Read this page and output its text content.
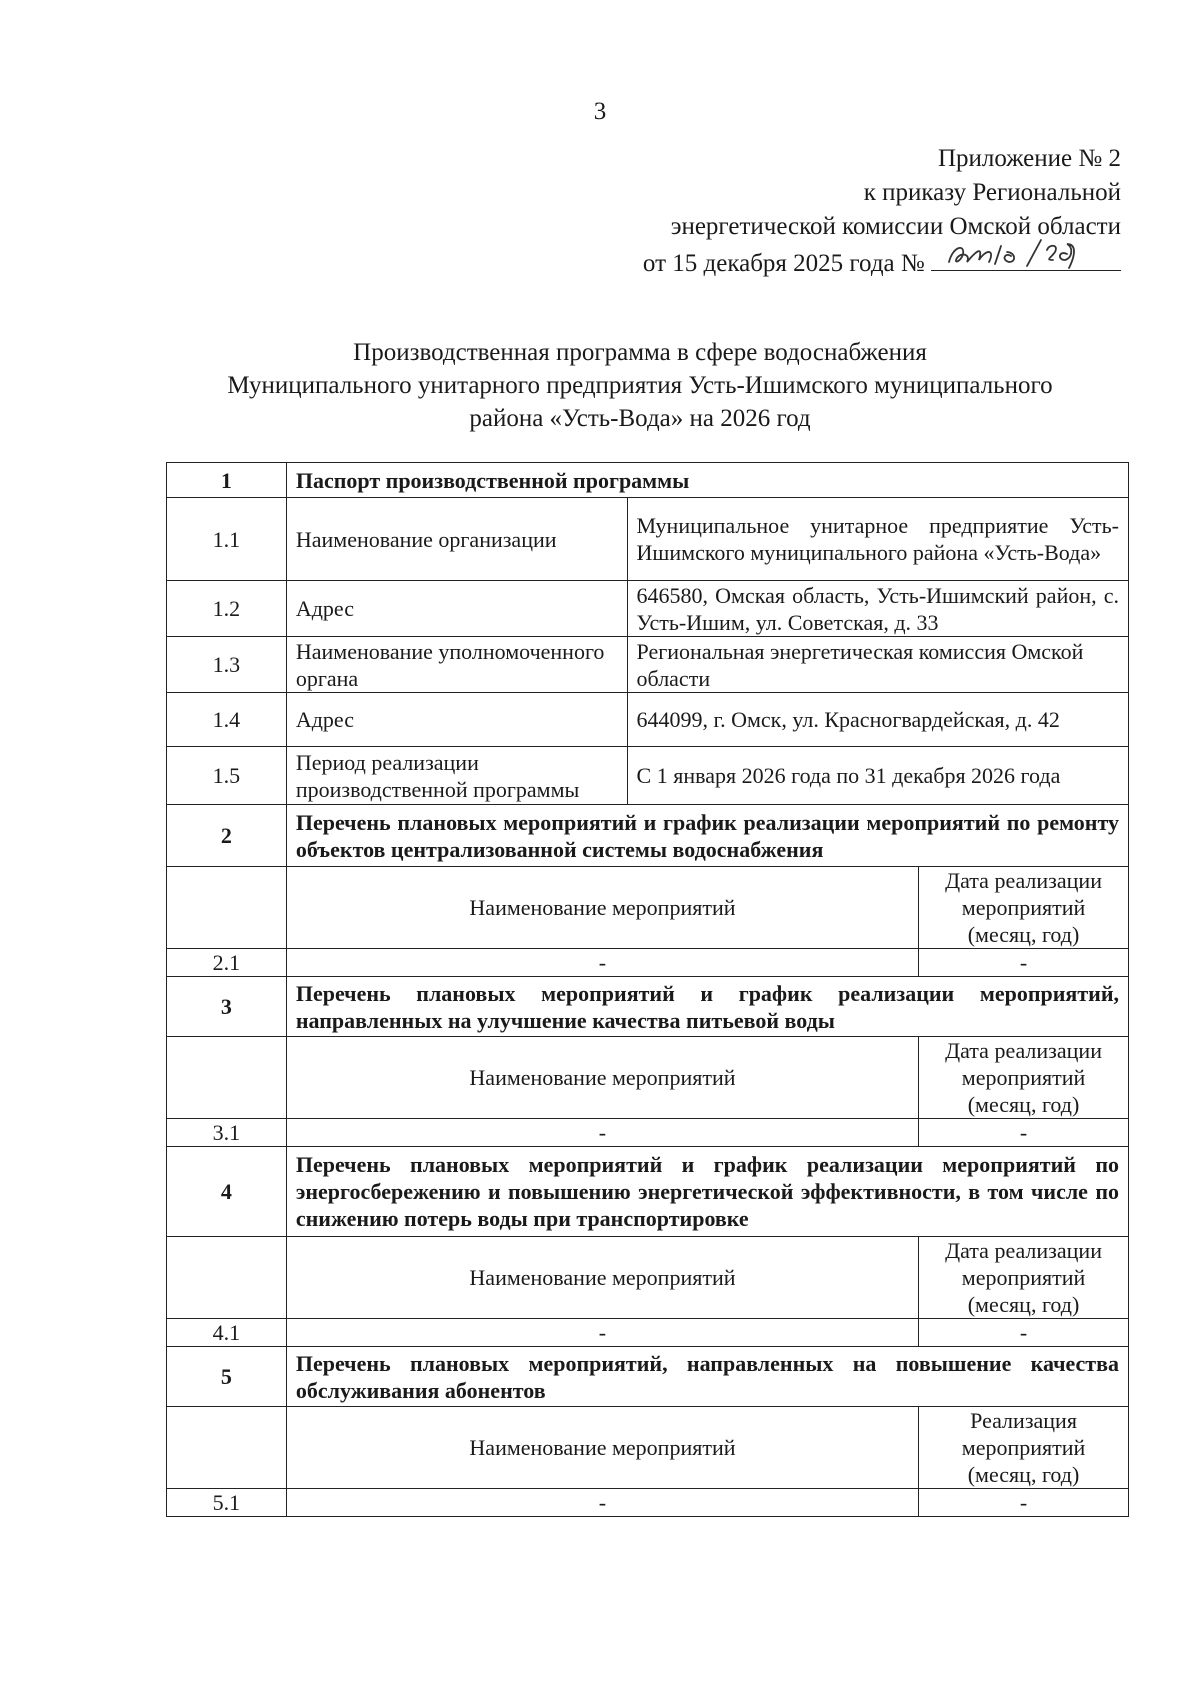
3
Приложение № 2
к приказу Региональной
энергетической комиссии Омской области
от 15 декабря 2025 года №
Производственная программа в сфере водоснабжения
Муниципального унитарного предприятия Усть-Ишимского муниципального
района «Усть-Вода» на 2026 год
1	Паспорт производственной программы		
1.1	Наименование организации	Муниципальное унитарное предприятие Усть-Ишимского муниципального района «Усть-Вода»	
1.2	Адрес	646580, Омская область, Усть-Ишимский район, с. Усть-Ишим, ул. Советская, д. 33	
1.3	Наименование уполномоченного органа	Региональная энергетическая комиссия Омской области	
1.4	Адрес	644099, г. Омск, ул. Красногвардейская, д. 42	
1.5	Период реализации производственной программы	С 1 января 2026 года по 31 декабря 2026 года	
2	Перечень плановых мероприятий и график реализации мероприятий по ремонту объектов централизованной системы водоснабжения		
	Наименование мероприятий		Дата реализации мероприятий (месяц, год)
2.1	-		-
3	Перечень плановых мероприятий и график реализации мероприятий, направленных на улучшение качества питьевой воды		
	Наименование мероприятий		Дата реализации мероприятий (месяц, год)
3.1	-		-
4	Перечень плановых мероприятий и график реализации мероприятий по энергосбережению и повышению энергетической эффективности, в том числе по снижению потерь воды при транспортировке		
	Наименование мероприятий		Дата реализации мероприятий (месяц, год)
4.1	-		-
5	Перечень плановых мероприятий, направленных на повышение качества обслуживания абонентов		
	Наименование мероприятий		Реализация мероприятий (месяц, год)
5.1	-		-
